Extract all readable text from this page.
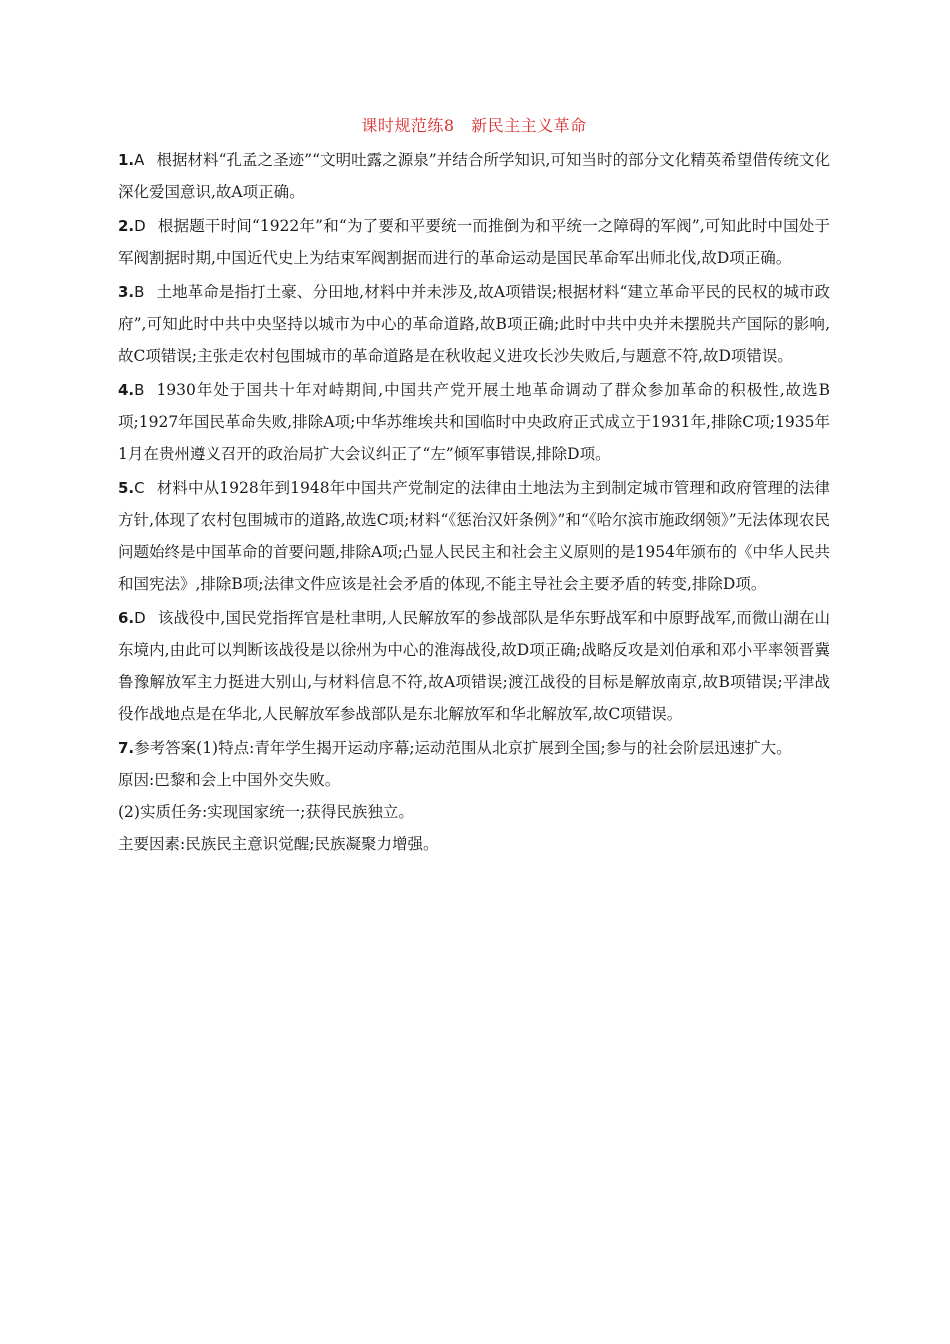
课时规范练8　新民主主义革命

1.A 根据材料“孔孟之圣迹”“文明吐露之源泉”并结合所学知识,可知当时的部分文化精英希望借传统文化深化爱国意识,故A项正确。

2.D 根据题干时间“1922年”和“为了要和平要统一而推倒为和平统一之障碍的军阀”,可知此时中国处于军阀割据时期,中国近代史上为结束军阀割据而进行的革命运动是国民革命军出师北伐,故D项正确。

3.B 土地革命是指打土豪、分田地,材料中并未涉及,故A项错误;根据材料“建立革命平民的民权的城市政府”,可知此时中共中央坚持以城市为中心的革命道路,故B项正确;此时中共中央并未摆脱共产国际的影响,故C项错误;主张走农村包围城市的革命道路是在秋收起义进攻长沙失败后,与题意不符,故D项错误。

4.B 1930年处于国共十年对峙期间,中国共产党开展土地革命调动了群众参加革命的积极性,故选B项;1927年国民革命失败,排除A项;中华苏维埃共和国临时中央政府正式成立于1931年,排除C项;1935年1月在贵州遵义召开的政治局扩大会议纠正了“左”倾军事错误,排除D项。

5.C 材料中从1928年到1948年中国共产党制定的法律由土地法为主到制定城市管理和政府管理的法律方针,体现了农村包围城市的道路,故选C项;材料“《惩治汉奸条例》”和“《哈尔滨市施政纲领》”无法体现农民问题始终是中国革命的首要问题,排除A项;凸显人民民主和社会主义原则的是1954年颁布的《中华人民共和国宪法》,排除B项;法律文件应该是社会矛盾的体现,不能主导社会主要矛盾的转变,排除D项。

6.D 该战役中,国民党指挥官是杜聿明,人民解放军的参战部队是华东野战军和中原野战军,而微山湖在山东境内,由此可以判断该战役是以徐州为中心的淮海战役,故D项正确;战略反攻是刘伯承和邓小平率领晋冀鲁豫解放军主力挺进大别山,与材料信息不符,故A项错误;渡江战役的目标是解放南京,故B项错误;平津战役作战地点是在华北,人民解放军参战部队是东北解放军和华北解放军,故C项错误。

7.参考答案(1)特点:青年学生揭开运动序幕;运动范围从北京扩展到全国;参与的社会阶层迅速扩大。

原因:巴黎和会上中国外交失败。

(2)实质任务:实现国家统一;获得民族独立。

主要因素:民族民主意识觉醒;民族凝聚力增强。
